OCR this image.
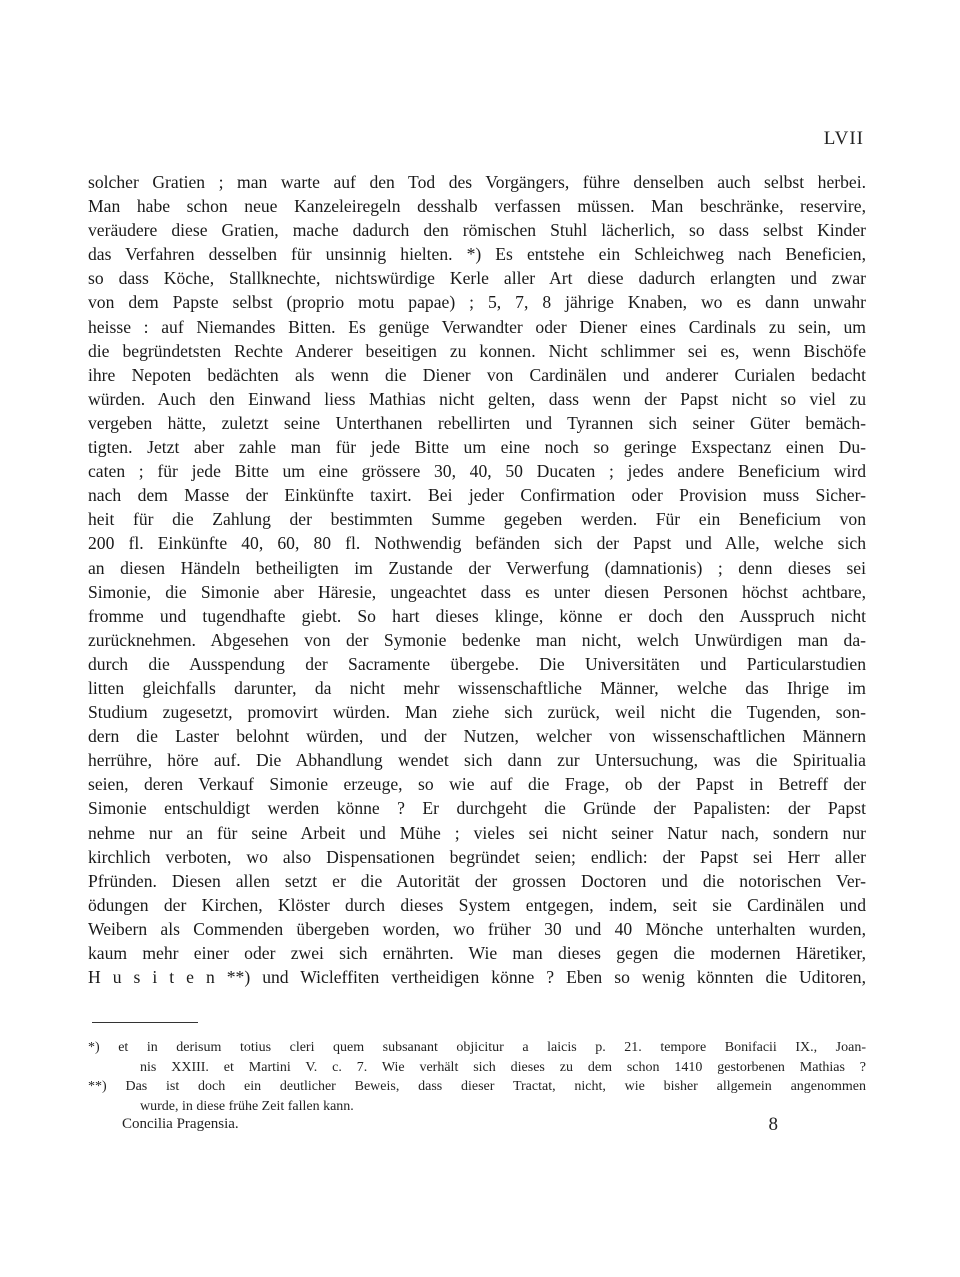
LVII
solcher Gratien ; man warte auf den Tod des Vorgängers, führe denselben auch selbst herbei.
Man habe schon neue Kanzeleiregeln desshalb verfassen müssen. Man beschränke, reservire,
veräudere diese Gratien, mache dadurch den römischen Stuhl lächerlich, so dass selbst Kinder
das Verfahren desselben für unsinnig hielten. *) Es entstehe ein Schleichweg nach Beneficien,
so dass Köche, Stallknechte, nichtswürdige Kerle aller Art diese dadurch erlangten und zwar
von dem Papste selbst (proprio motu papae) ; 5, 7, 8 jährige Knaben, wo es dann unwahr
heisse : auf Niemandes Bitten. Es genüge Verwandter oder Diener eines Cardinals zu sein, um
die begründetsten Rechte Anderer beseitigen zu konnen. Nicht schlimmer sei es, wenn Bischöfe
ihre Nepoten bedächten als wenn die Diener von Cardinälen und anderer Curialen bedacht
würden. Auch den Einwand liess Mathias nicht gelten, dass wenn der Papst nicht so viel zu
vergeben hätte, zuletzt seine Unterthanen rebellirten und Tyrannen sich seiner Güter bemäch-
tigten. Jetzt aber zahle man für jede Bitte um eine noch so geringe Exspectanz einen Du-
caten ; für jede Bitte um eine grössere 30, 40, 50 Ducaten ; jedes andere Beneficium wird
nach dem Masse der Einkünfte taxirt. Bei jeder Confirmation oder Provision muss Sicher-
heit für die Zahlung der bestimmten Summe gegeben werden. Für ein Beneficium von
200 fl. Einkünfte 40, 60, 80 fl. Nothwendig befänden sich der Papst und Alle, welche sich
an diesen Händeln betheiligten im Zustande der Verwerfung (damnationis) ; denn dieses sei
Simonie, die Simonie aber Häresie, ungeachtet dass es unter diesen Personen höchst achtbare,
fromme und tugendhafte giebt. So hart dieses klinge, könne er doch den Ausspruch nicht
zurücknehmen. Abgesehen von der Symonie bedenke man nicht, welch Unwürdigen man da-
durch die Ausspendung der Sacramente übergebe. Die Universitäten und Particularstudien
litten gleichfalls darunter, da nicht mehr wissenschaftliche Männer, welche das Ihrige im
Studium zugesetzt, promovirt würden. Man ziehe sich zurück, weil nicht die Tugenden, son-
dern die Laster belohnt würden, und der Nutzen, welcher von wissenschaftlichen Männern
herrühre, höre auf. Die Abhandlung wendet sich dann zur Untersuchung, was die Spiritualia
seien, deren Verkauf Simonie erzeuge, so wie auf die Frage, ob der Papst in Betreff der
Simonie entschuldigt werden könne ? Er durchgeht die Gründe der Papalisten: der Papst
nehme nur an für seine Arbeit und Mühe ; vieles sei nicht seiner Natur nach, sondern nur
kirchlich verboten, wo also Dispensationen begründet seien; endlich: der Papst sei Herr aller
Pfründen. Diesen allen setzt er die Autorität der grossen Doctoren und die notorischen Ver-
ödungen der Kirchen, Klöster durch dieses System entgegen, indem, seit sie Cardinälen und
Weibern als Commenden übergeben worden, wo früher 30 und 40 Mönche unterhalten wurden,
kaum mehr einer oder zwei sich ernährten. Wie man dieses gegen die modernen Häretiker,
H u s i t e n **) und Wicleffiten vertheidigen könne ? Eben so wenig könnten die Uditoren,
*) et in derisum totius cleri quem subsanant objicitur a laicis p. 21. tempore Bonifacii IX., Joan-
nis XXIII. et Martini V. c. 7. Wie verhält sich dieses zu dem schon 1410 gestorbenen Mathias ?
**) Das ist doch ein deutlicher Beweis, dass dieser Tractat, nicht, wie bisher allgemein angenommen
wurde, in diese frühe Zeit fallen kann.
Concilia Pragensia.	8
